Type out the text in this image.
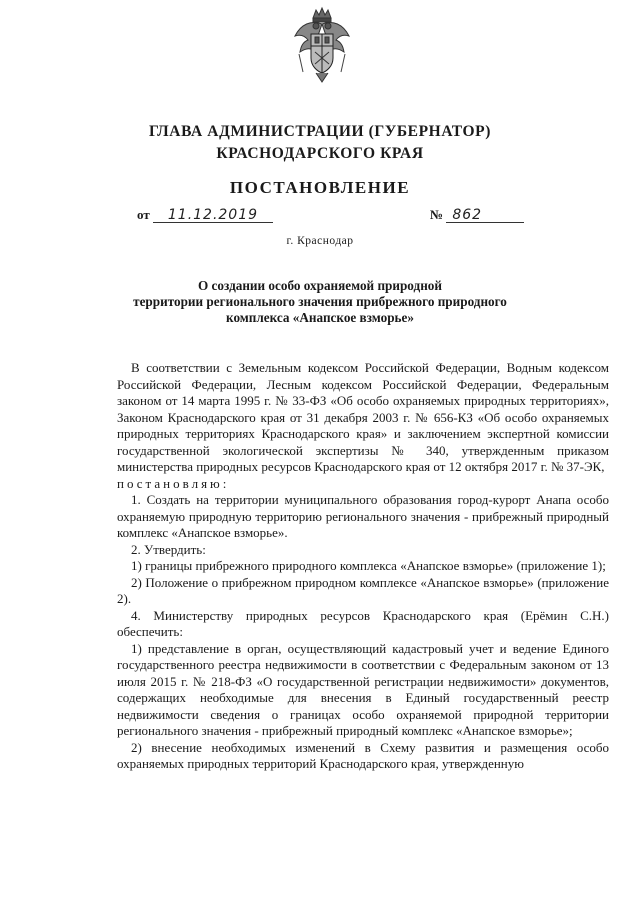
ГЛАВА АДМИНИСТРАЦИИ (ГУБЕРНАТОР)
КРАСНОДАРСКОГО КРАЯ
ПОСТАНОВЛЕНИЕ
от 11.12.2019	№ 862
г. Краснодар
О создании особо охраняемой природной
территории регионального значения прибрежного природного
комплекса «Анапское взморье»

В соответствии с Земельным кодексом Российской Федерации, Водным кодексом Российской Федерации, Лесным кодексом Российской Федерации, Федеральным законом от 14 марта 1995 г. № 33-ФЗ «Об особо охраняемых природных территориях», Законом Краснодарского края от 31 декабря 2003 г. № 656-КЗ «Об особо охраняемых природных территориях Краснодарского края» и заключением экспертной комиссии государственной экологической экспертизы № 340, утвержденным приказом министерства природных ресурсов Краснодарского края от 12 октября 2017 г. № 37-ЭК,

постановляю:

1. Создать на территории муниципального образования город-курорт Анапа особо охраняемую природную территорию регионального значения - прибрежный природный комплекс «Анапское взморье».

2. Утвердить:

1) границы прибрежного природного комплекса «Анапское взморье» (приложение 1);

2) Положение о прибрежном природном комплексе «Анапское взморье» (приложение 2).

4. Министерству природных ресурсов Краснодарского края (Ерёмин С.Н.) обеспечить:

1) представление в орган, осуществляющий кадастровый учет и ведение Единого государственного реестра недвижимости в соответствии с Федеральным законом от 13 июля 2015 г. № 218-ФЗ «О государственной регистрации недвижимости» документов, содержащих необходимые для внесения в Единый государственный реестр недвижимости сведения о границах особо охраняемой природной территории регионального значения - прибрежный природный комплекс «Анапское взморье»;

2) внесение необходимых изменений в Схему развития и размещения особо охраняемых природных территорий Краснодарского края, утвержденную
